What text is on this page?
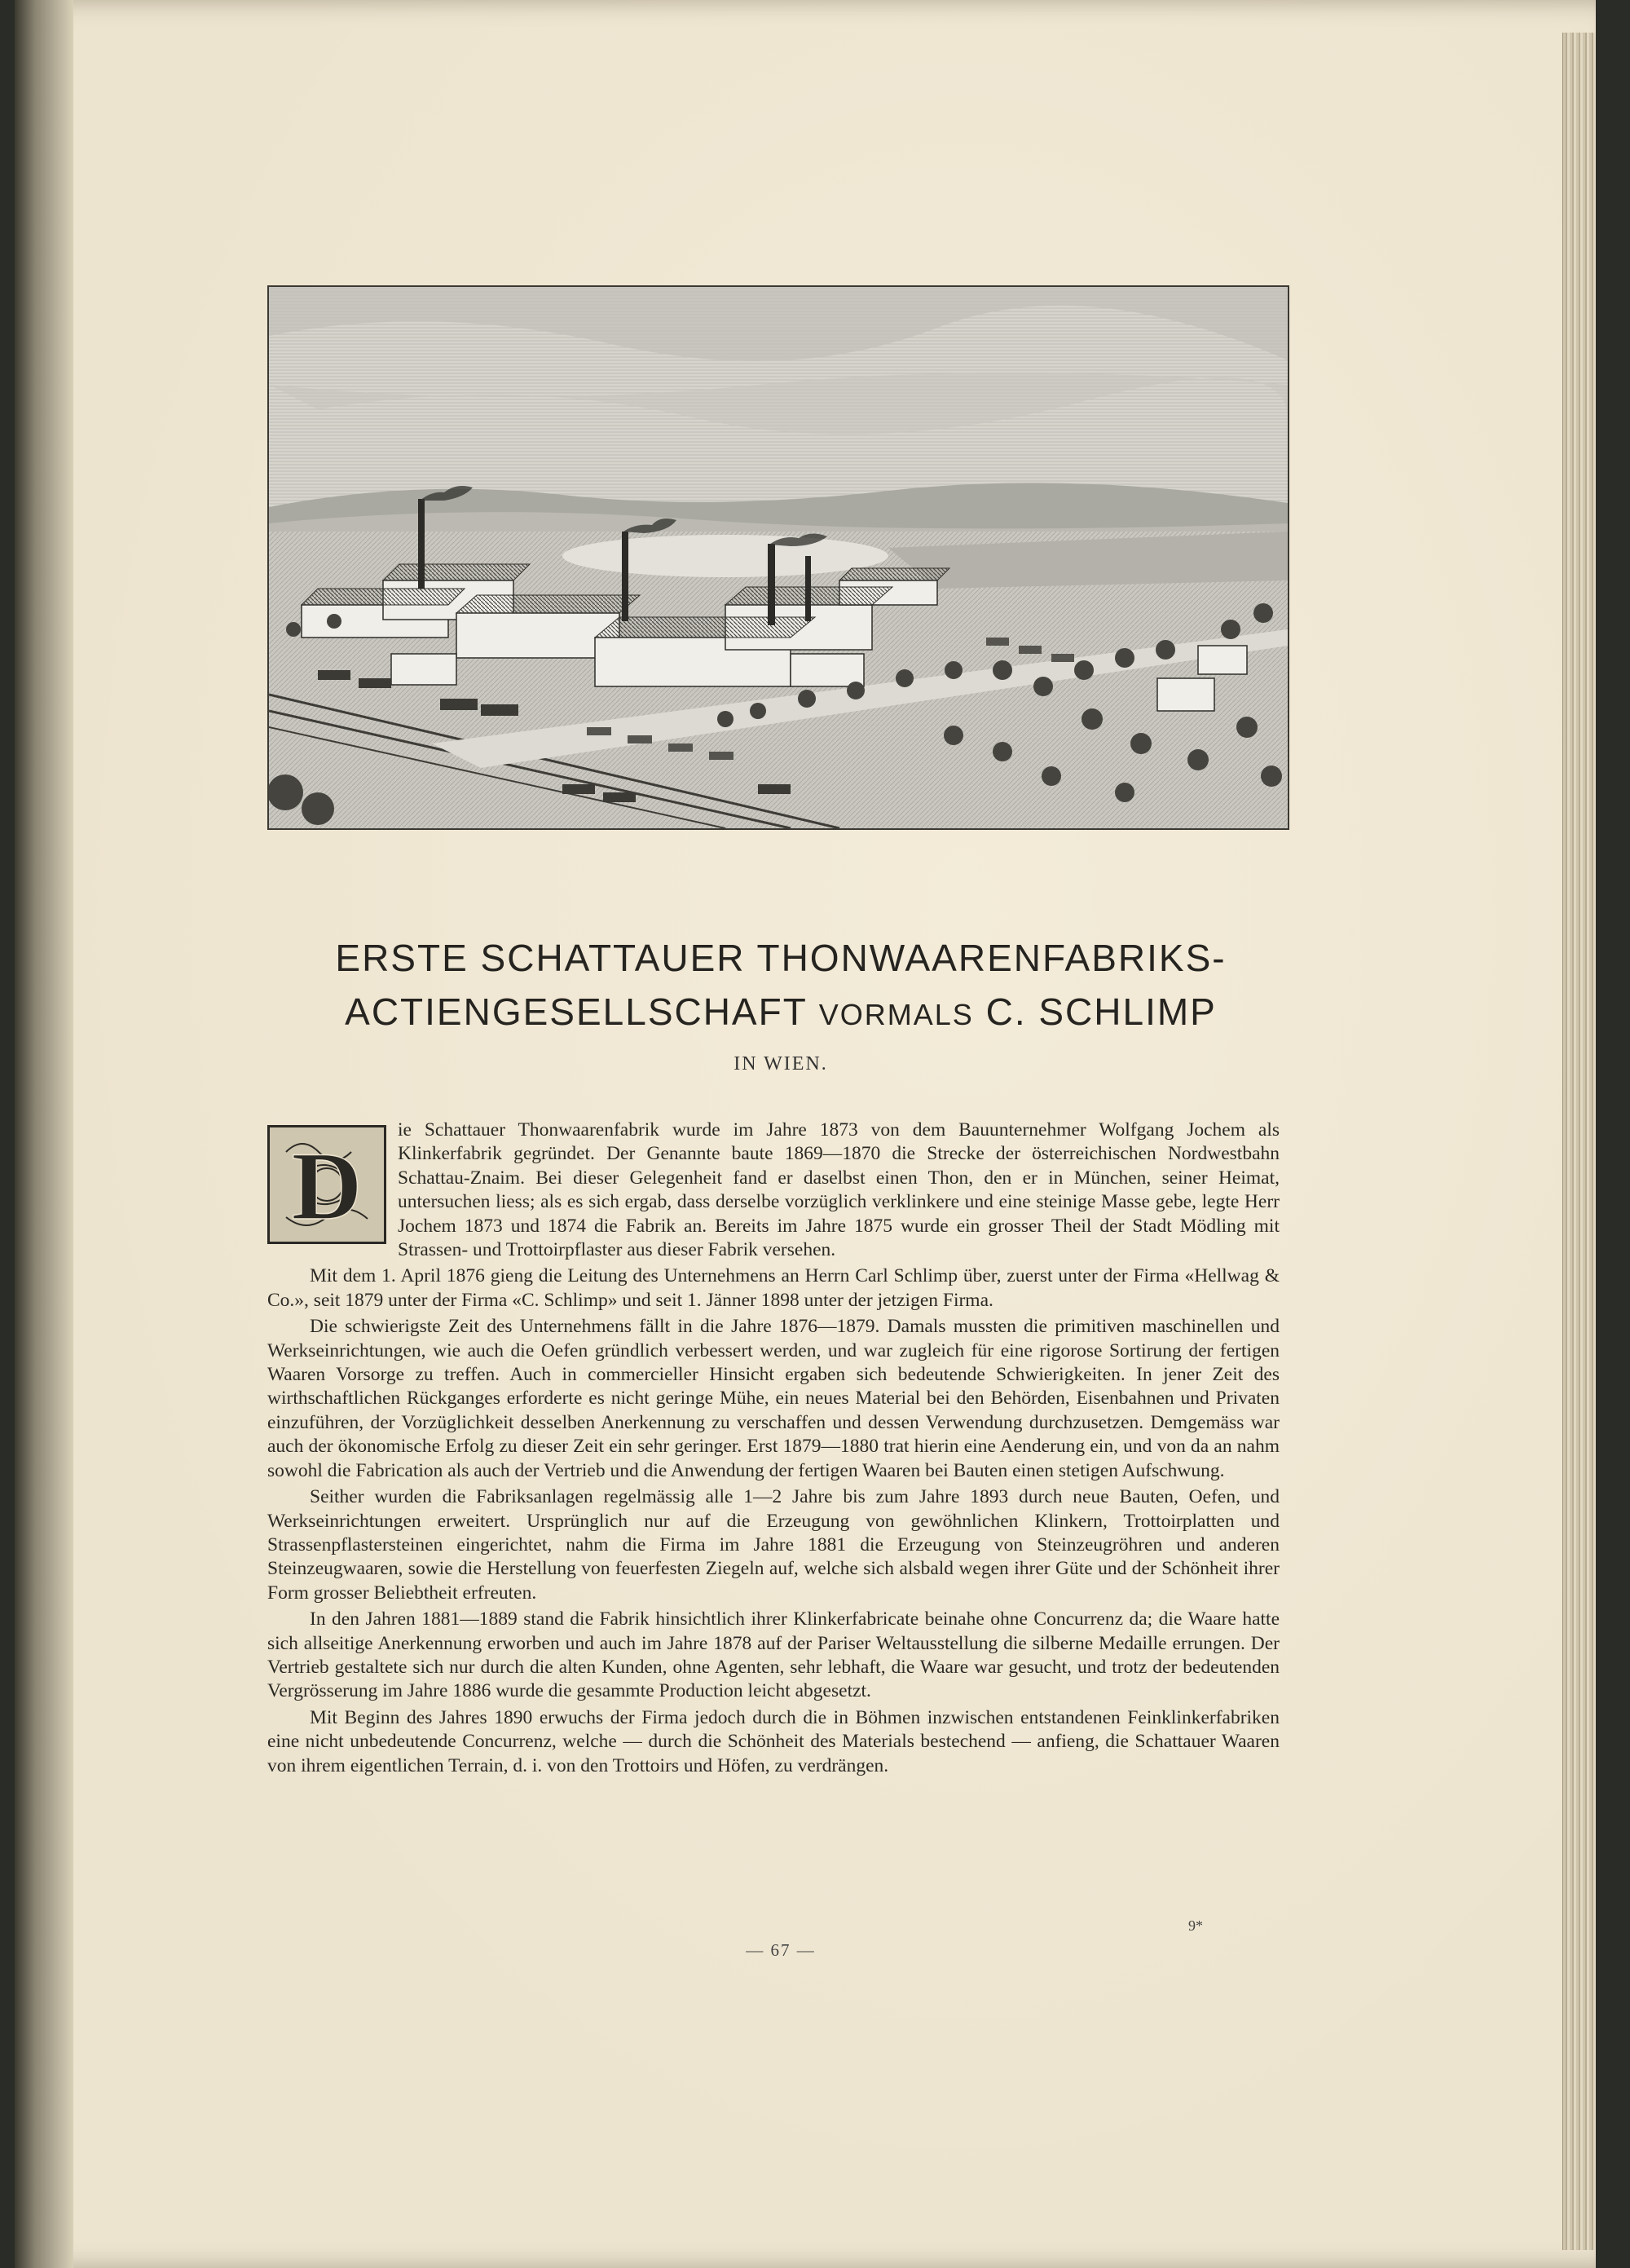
ERSTE SCHATTAUER THONWAARENFABRIKS-
ACTIENGESELLSCHAFT VORMALS C. SCHLIMP
IN WIEN.
D

ie Schattauer Thonwaarenfabrik wurde im Jahre 1873 von dem Bauunternehmer Wolfgang Jochem als Klinkerfabrik gegründet. Der Genannte baute 1869—1870 die Strecke der österreichischen Nordwestbahn Schattau-Znaim. Bei dieser Gelegenheit fand er daselbst einen Thon, den er in München, seiner Heimat, untersuchen liess; als es sich ergab, dass derselbe vorzüglich verklinkere und eine steinige Masse gebe, legte Herr Jochem 1873 und 1874 die Fabrik an. Bereits im Jahre 1875 wurde ein grosser Theil der Stadt Mödling mit Strassen- und Trottoirpflaster aus dieser Fabrik versehen.

Mit dem 1. April 1876 gieng die Leitung des Unternehmens an Herrn Carl Schlimp über, zuerst unter der Firma «Hellwag & Co.», seit 1879 unter der Firma «C. Schlimp» und seit 1. Jänner 1898 unter der jetzigen Firma.

Die schwierigste Zeit des Unternehmens fällt in die Jahre 1876—1879. Damals mussten die primitiven maschinellen und Werkseinrichtungen, wie auch die Oefen gründlich verbessert werden, und war zugleich für eine rigorose Sortirung der fertigen Waaren Vorsorge zu treffen. Auch in commercieller Hinsicht ergaben sich bedeutende Schwierigkeiten. In jener Zeit des wirthschaftlichen Rückganges erforderte es nicht geringe Mühe, ein neues Material bei den Behörden, Eisenbahnen und Privaten einzuführen, der Vorzüglichkeit desselben Anerkennung zu verschaffen und dessen Verwendung durchzusetzen. Demgemäss war auch der ökonomische Erfolg zu dieser Zeit ein sehr geringer. Erst 1879—1880 trat hierin eine Aenderung ein, und von da an nahm sowohl die Fabrication als auch der Vertrieb und die Anwendung der fertigen Waaren bei Bauten einen stetigen Aufschwung.

Seither wurden die Fabriksanlagen regelmässig alle 1—2 Jahre bis zum Jahre 1893 durch neue Bauten, Oefen, und Werkseinrichtungen erweitert. Ursprünglich nur auf die Erzeugung von gewöhnlichen Klinkern, Trottoirplatten und Strassenpflastersteinen eingerichtet, nahm die Firma im Jahre 1881 die Erzeugung von Steinzeugröhren und anderen Steinzeugwaaren, sowie die Herstellung von feuerfesten Ziegeln auf, welche sich alsbald wegen ihrer Güte und der Schönheit ihrer Form grosser Beliebtheit erfreuten.

In den Jahren 1881—1889 stand die Fabrik hinsichtlich ihrer Klinkerfabricate beinahe ohne Concurrenz da; die Waare hatte sich allseitige Anerkennung erworben und auch im Jahre 1878 auf der Pariser Weltausstellung die silberne Medaille errungen. Der Vertrieb gestaltete sich nur durch die alten Kunden, ohne Agenten, sehr lebhaft, die Waare war gesucht, und trotz der bedeutenden Vergrösserung im Jahre 1886 wurde die gesammte Production leicht abgesetzt.

Mit Beginn des Jahres 1890 erwuchs der Firma jedoch durch die in Böhmen inzwischen entstandenen Feinklinkerfabriken eine nicht unbedeutende Concurrenz, welche — durch die Schönheit des Materials bestechend — anfieng, die Schattauer Waaren von ihrem eigentlichen Terrain, d. i. von den Trottoirs und Höfen, zu verdrängen.

9*
— 67 —
